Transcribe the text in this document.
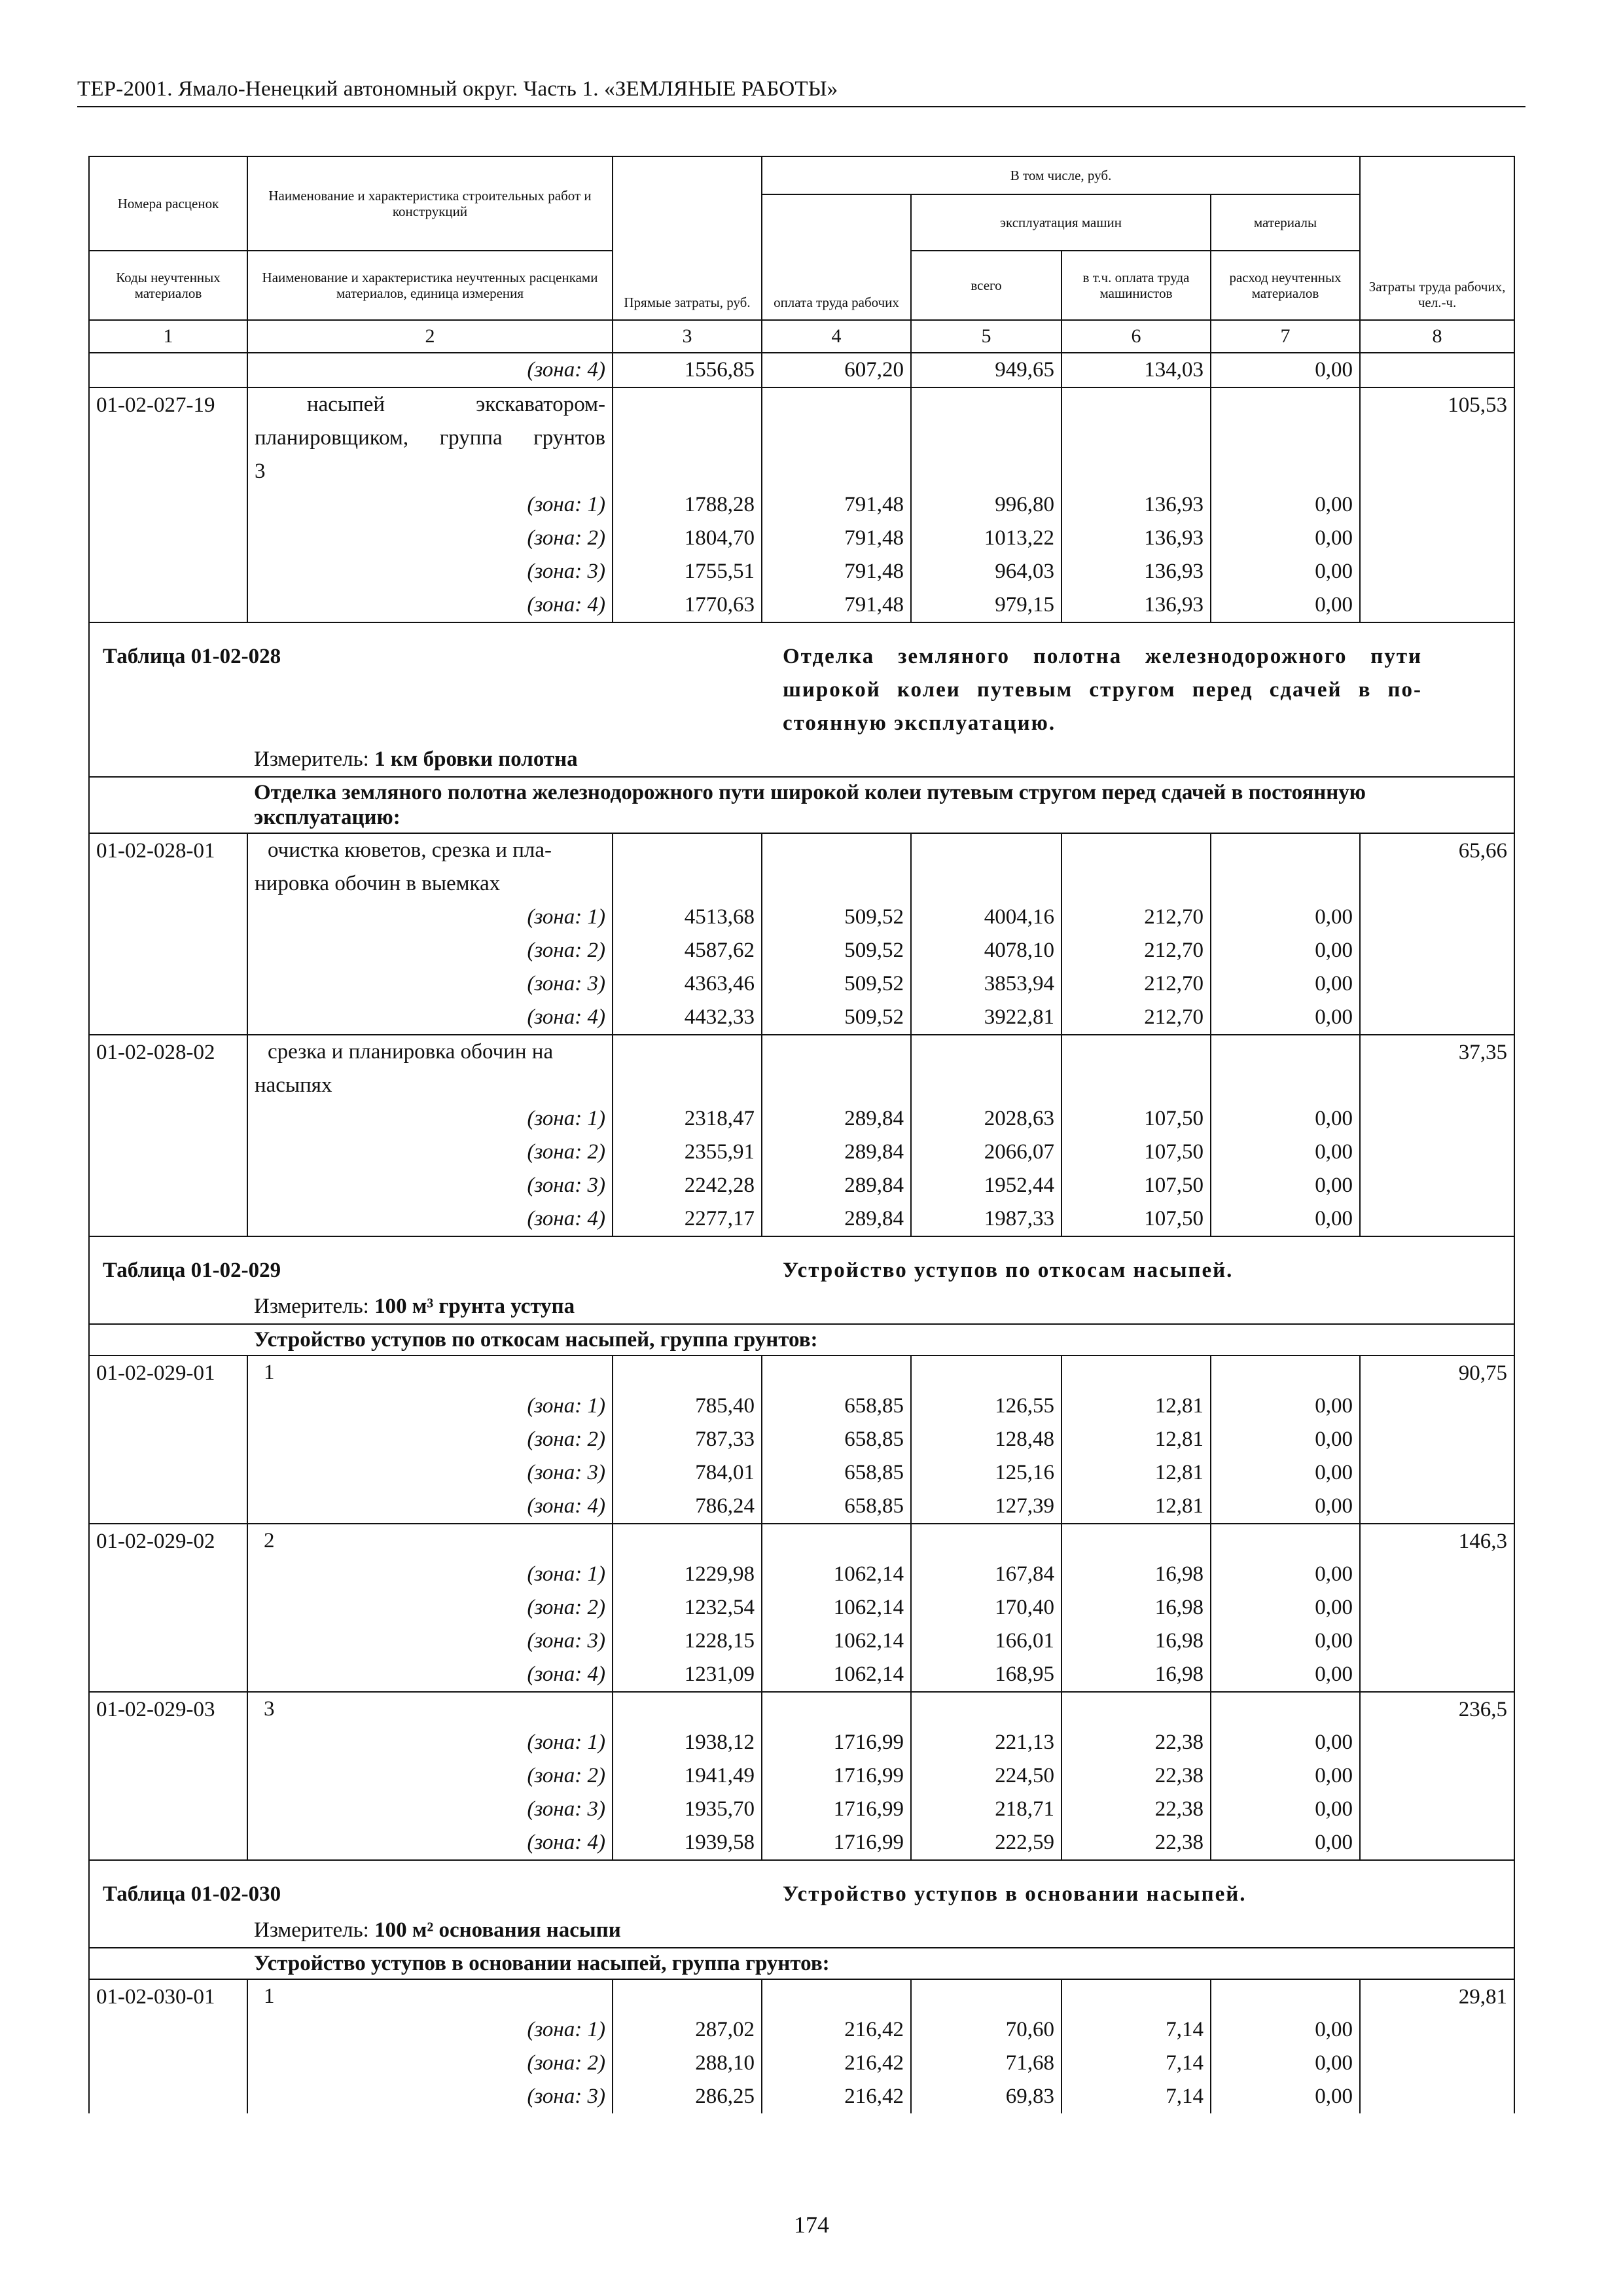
ТЕР-2001. Ямало-Ненецкий автономный округ. Часть 1. «ЗЕМЛЯНЫЕ РАБОТЫ»
Номера расценок	Наименование и характеристика строительных работ и конструкций	Прямые затраты, руб.	В том числе, руб.				Затраты труда рабочих, чел.-ч.
			оплата труда рабочих	эксплуатация машин		материалы	
Коды неучтенных материалов	Наименование и характеристика неучтенных расценками материалов, единица измерения			всего	в т.ч. оплата труда машинистов	расход неучтенных материалов	
1	2	3	4	5	6	7	8
	(зона: 4)	1556,85	607,20	949,65	134,03	0,00	
01-02-027-19	насыпей экскаватором-
планировщиком, группа грунтов
3						105,53
	(зона: 1)	1788,28	791,48	996,80	136,93	0,00	
	(зона: 2)	1804,70	791,48	1013,22	136,93	0,00	
	(зона: 3)	1755,51	791,48	964,03	136,93	0,00	
	(зона: 4)	1770,63	791,48	979,15	136,93	0,00	
Таблица 01-02-028			Отделка земляного полотна железнодорожного пути
широкой колеи путевым стругом перед сдачей в по-
стоянную эксплуатацию.				

	Измеритель: 1 км бровки полотна						
	Отделка земляного полотна железнодорожного пути широкой колеи путевым стругом перед сдачей в постоянную эксплуатацию:						
01-02-028-01	очистка кюветов, срезка и пла-
нировка обочин в выемках						65,66
	(зона: 1)	4513,68	509,52	4004,16	212,70	0,00	
	(зона: 2)	4587,62	509,52	4078,10	212,70	0,00	
	(зона: 3)	4363,46	509,52	3853,94	212,70	0,00	
	(зона: 4)	4432,33	509,52	3922,81	212,70	0,00	
01-02-028-02	срезка и планировка обочин на
насыпях						37,35
	(зона: 1)	2318,47	289,84	2028,63	107,50	0,00	
	(зона: 2)	2355,91	289,84	2066,07	107,50	0,00	
	(зона: 3)	2242,28	289,84	1952,44	107,50	0,00	
	(зона: 4)	2277,17	289,84	1987,33	107,50	0,00	
Таблица 01-02-029			Устройство уступов по откосам насыпей.				

	Измеритель: 100 м³ грунта уступа						
	Устройство уступов по откосам насыпей, группа грунтов:						
01-02-029-01	1						90,75
	(зона: 1)	785,40	658,85	126,55	12,81	0,00	
	(зона: 2)	787,33	658,85	128,48	12,81	0,00	
	(зона: 3)	784,01	658,85	125,16	12,81	0,00	
	(зона: 4)	786,24	658,85	127,39	12,81	0,00	
01-02-029-02	2						146,3
	(зона: 1)	1229,98	1062,14	167,84	16,98	0,00	
	(зона: 2)	1232,54	1062,14	170,40	16,98	0,00	
	(зона: 3)	1228,15	1062,14	166,01	16,98	0,00	
	(зона: 4)	1231,09	1062,14	168,95	16,98	0,00	
01-02-029-03	3						236,5
	(зона: 1)	1938,12	1716,99	221,13	22,38	0,00	
	(зона: 2)	1941,49	1716,99	224,50	22,38	0,00	
	(зона: 3)	1935,70	1716,99	218,71	22,38	0,00	
	(зона: 4)	1939,58	1716,99	222,59	22,38	0,00	
Таблица 01-02-030			Устройство уступов в основании насыпей.				

	Измеритель: 100 м² основания насыпи						
	Устройство уступов в основании насыпей, группа грунтов:						
01-02-030-01	1						29,81
	(зона: 1)	287,02	216,42	70,60	7,14	0,00	
	(зона: 2)	288,10	216,42	71,68	7,14	0,00	
	(зона: 3)	286,25	216,42	69,83	7,14	0,00	
174
